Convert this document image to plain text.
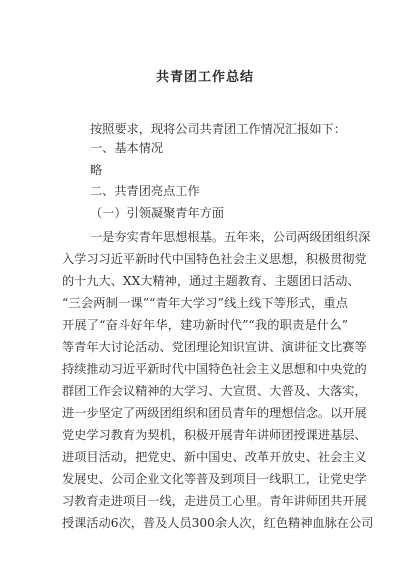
共青团工作总结
按照要求，现将公司共青团工作情况汇报如下：
一、基本情况
略
二、共青团亮点工作
（一）引领凝聚青年方面
一是夯实青年思想根基。五年来，公司两级团组织深
入学习习近平新时代中国特色社会主义思想，积极贯彻党
的十九大、XX大精神，通过主题教育、主题团日活动、
“三会两制一课”“青年大学习”线上线下等形式，重点
开展了“奋斗好年华，建功新时代”“我的职责是什么”
等青年大讨论活动、党团理论知识宣讲、演讲征文比赛等
持续推动习近平新时代中国特色社会主义思想和中央党的
群团工作会议精神的大学习、大宣贯、大普及、大落实，
进一步坚定了两级团组织和团员青年的理想信念。以开展
党史学习教育为契机，积极开展青年讲师团授课进基层、
进项目活动，把党史、新中国史、改革开放史、社会主义
发展史、公司企业文化等普及到项目一线职工，让党史学
习教育走进项目一线，走进员工心里。青年讲师团共开展
授课活动6次，普及人员300余人次，红色精神血脉在公司
